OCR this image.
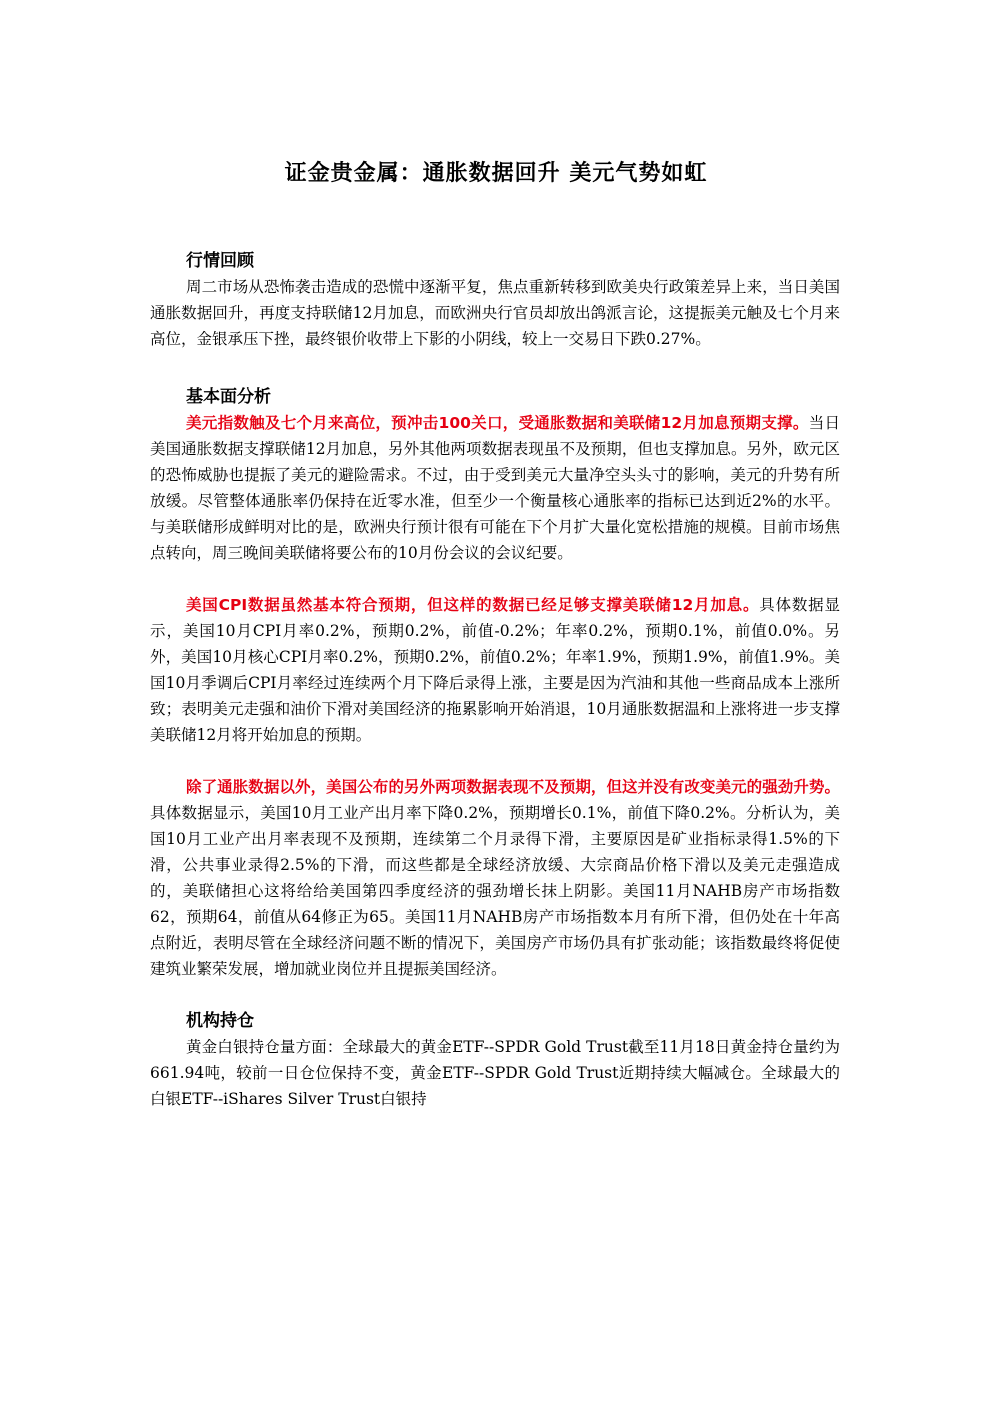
证金贵金属：通胀数据回升 美元气势如虹
行情回顾

周二市场从恐怖袭击造成的恐慌中逐渐平复，焦点重新转移到欧美央行政策差异上来，当日美国通胀数据回升，再度支持联储12月加息，而欧洲央行官员却放出鸽派言论，这提振美元触及七个月来高位，金银承压下挫，最终银价收带上下影的小阴线，较上一交易日下跌0.27%。

基本面分析

美元指数触及七个月来高位，预冲击100关口，受通胀数据和美联储12月加息预期支撑。当日美国通胀数据支撑联储12月加息，另外其他两项数据表现虽不及预期，但也支撑加息。另外，欧元区的恐怖威胁也提振了美元的避险需求。不过，由于受到美元大量净空头头寸的影响，美元的升势有所放缓。尽管整体通胀率仍保持在近零水准，但至少一个衡量核心通胀率的指标已达到近2%的水平。与美联储形成鲜明对比的是，欧洲央行预计很有可能在下个月扩大量化宽松措施的规模。目前市场焦点转向，周三晚间美联储将要公布的10月份会议的会议纪要。

美国CPI数据虽然基本符合预期，但这样的数据已经足够支撑美联储12月加息。具体数据显示，美国10月CPI月率0.2%，预期0.2%，前值-0.2%；年率0.2%，预期0.1%，前值0.0%。另外，美国10月核心CPI月率0.2%，预期0.2%，前值0.2%；年率1.9%，预期1.9%，前值1.9%。美国10月季调后CPI月率经过连续两个月下降后录得上涨，主要是因为汽油和其他一些商品成本上涨所致；表明美元走强和油价下滑对美国经济的拖累影响开始消退，10月通胀数据温和上涨将进一步支撑美联储12月将开始加息的预期。

除了通胀数据以外，美国公布的另外两项数据表现不及预期，但这并没有改变美元的强劲升势。具体数据显示，美国10月工业产出月率下降0.2%，预期增长0.1%，前值下降0.2%。分析认为，美国10月工业产出月率表现不及预期，连续第二个月录得下滑，主要原因是矿业指标录得1.5%的下滑，公共事业录得2.5%的下滑，而这些都是全球经济放缓、大宗商品价格下滑以及美元走强造成的，美联储担心这将给给美国第四季度经济的强劲增长抹上阴影。美国11月NAHB房产市场指数62，预期64，前值从64修正为65。美国11月NAHB房产市场指数本月有所下滑，但仍处在十年高点附近，表明尽管在全球经济问题不断的情况下，美国房产市场仍具有扩张动能；该指数最终将促使建筑业繁荣发展，增加就业岗位并且提振美国经济。

机构持仓

黄金白银持仓量方面：全球最大的黄金ETF--SPDR Gold Trust截至11月18日黄金持仓量约为661.94吨，较前一日仓位保持不变，黄金ETF--SPDR Gold Trust近期持续大幅减仓。全球最大的白银ETF--iShares Silver Trust白银持
